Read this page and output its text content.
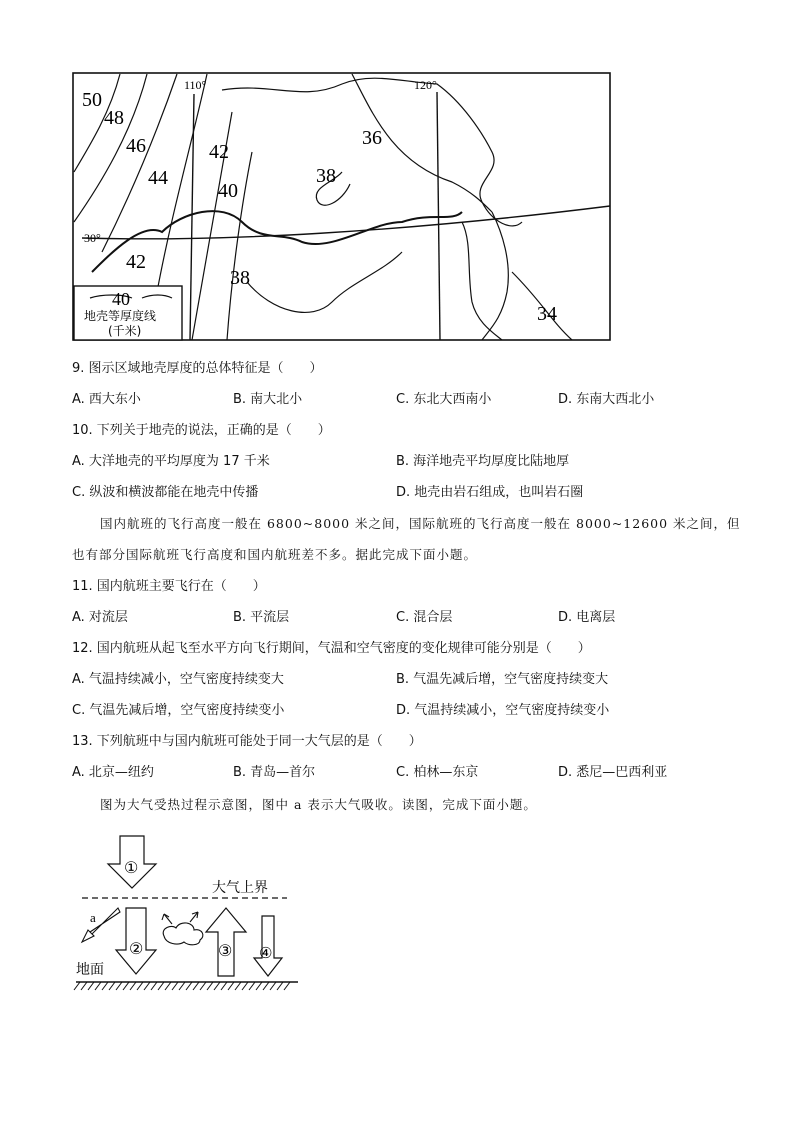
50
48
46
44
42
40
38
36
42
38
34
110°	120°
30°
40
地壳等厚度线
(千米)
9. 图示区域地壳厚度的总体特征是（　　）
A. 西大东小	B. 南大北小	C. 东北大西南小	D. 东南大西北小
10. 下列关于地壳的说法，正确的是（　　）
A. 大洋地壳的平均厚度为 17 千米	B. 海洋地壳平均厚度比陆地厚
C. 纵波和横波都能在地壳中传播	D. 地壳由岩石组成，也叫岩石圈
国内航班的飞行高度一般在 6800~8000 米之间，国际航班的飞行高度一般在 8000~12600 米之间，但
也有部分国际航班飞行高度和国内航班差不多。据此完成下面小题。
11. 国内航班主要飞行在（　　）
A. 对流层	B. 平流层	C. 混合层	D. 电离层
12. 国内航班从起飞至水平方向飞行期间，气温和空气密度的变化规律可能分别是（　　）
A. 气温持续减小，空气密度持续变大	B. 气温先减后增，空气密度持续变大
C. 气温先减后增，空气密度持续变小	D. 气温持续减小，空气密度持续变小
13. 下列航班中与国内航班可能处于同一大气层的是（　　）
A. 北京—纽约	B. 青岛—首尔	C. 柏林—东京	D. 悉尼—巴西利亚
图为大气受热过程示意图，图中 a 表示大气吸收。读图，完成下面小题。
①
大气上界
a
②	③ ④
地面
